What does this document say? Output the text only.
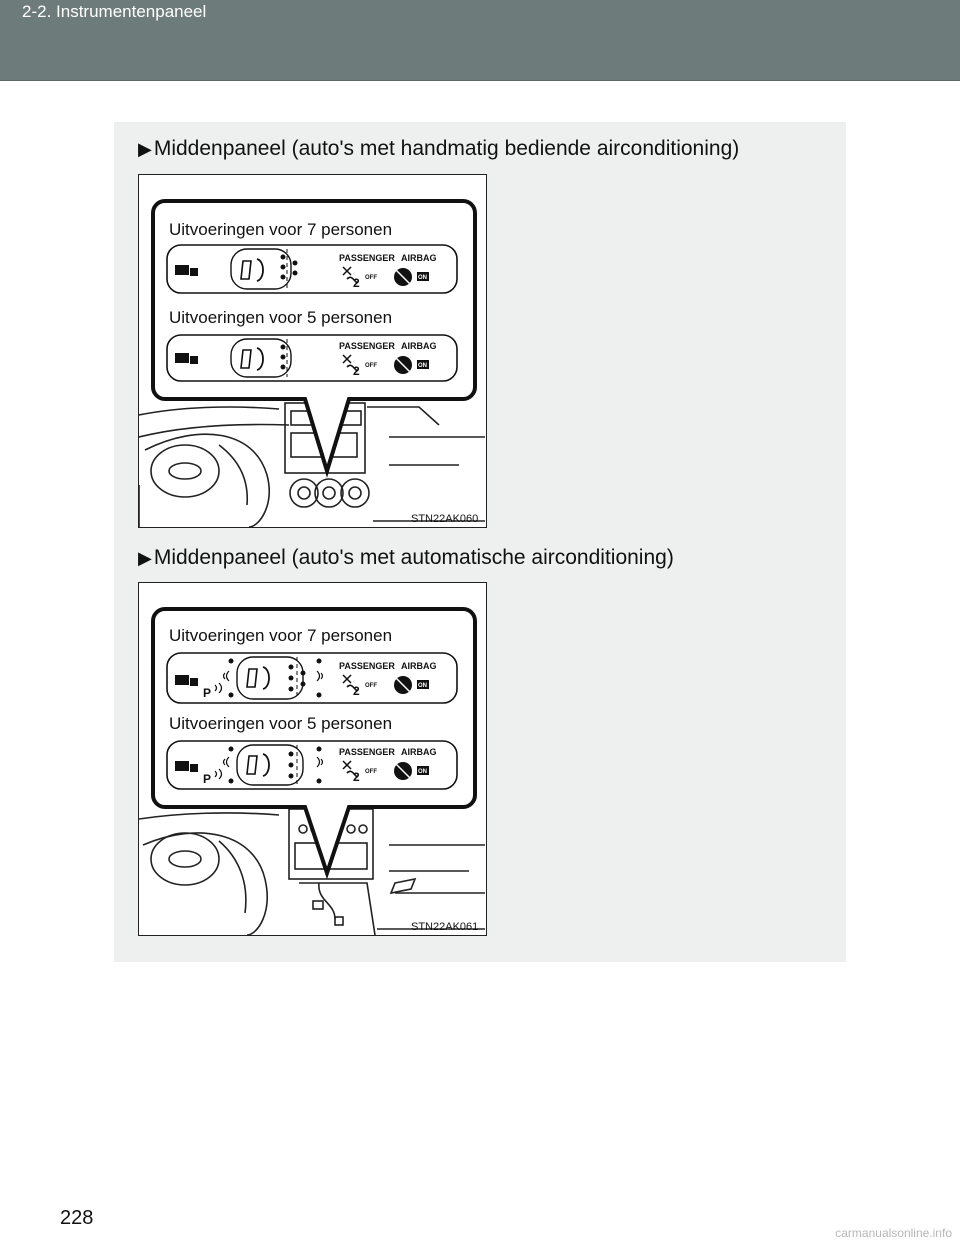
2-2. Instrumentenpaneel
▶Middenpaneel (auto's met handmatig bediende airconditioning)
Uitvoeringen voor 7 personen
PASSENGER AIRBAG
2 OFF	ON
Uitvoeringen voor 5 personen
PASSENGER AIRBAG
2 OFF	ON
STN22AK060
▶Middenpaneel (auto's met automatische airconditioning)
Uitvoeringen voor 7 personen
P
PASSENGER AIRBAG
2 OFF	ON
Uitvoeringen voor 5 personen
P
PASSENGER AIRBAG
2 OFF	ON
STN22AK061
228
carmanualsonline.info
